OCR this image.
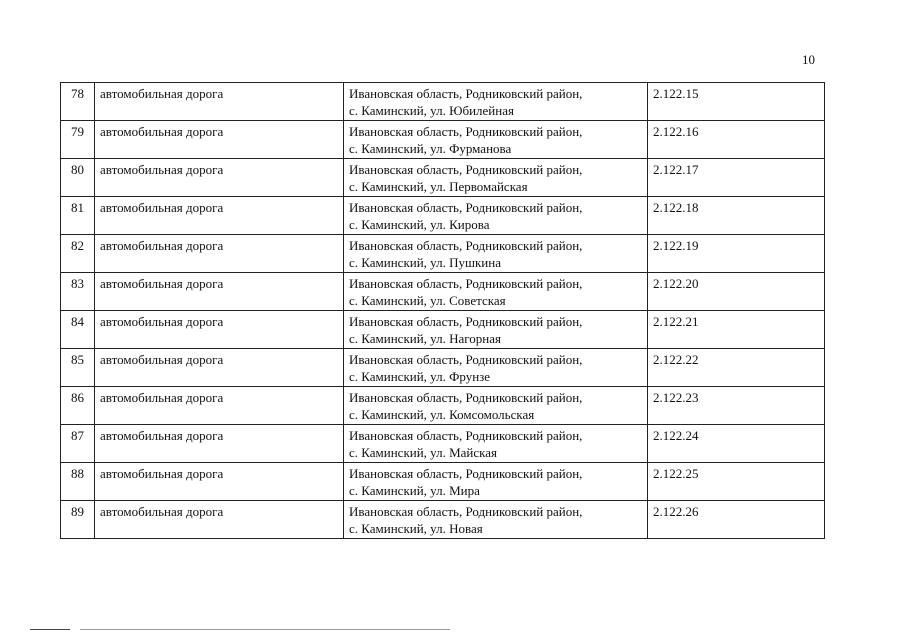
10
78	автомобильная дорога	Ивановская область, Родниковский район,
с. Каминский, ул. Юбилейная	2.122.15
79	автомобильная дорога	Ивановская область, Родниковский район,
с. Каминский, ул. Фурманова	2.122.16
80	автомобильная дорога	Ивановская область, Родниковский район,
с. Каминский, ул. Первомайская	2.122.17
81	автомобильная дорога	Ивановская область, Родниковский район,
с. Каминский, ул. Кирова	2.122.18
82	автомобильная дорога	Ивановская область, Родниковский район,
с. Каминский, ул. Пушкина	2.122.19
83	автомобильная дорога	Ивановская область, Родниковский район,
с. Каминский, ул. Советская	2.122.20
84	автомобильная дорога	Ивановская область, Родниковский район,
с. Каминский, ул. Нагорная	2.122.21
85	автомобильная дорога	Ивановская область, Родниковский район,
с. Каминский, ул. Фрунзе	2.122.22
86	автомобильная дорога	Ивановская область, Родниковский район,
с. Каминский, ул. Комсомольская	2.122.23
87	автомобильная дорога	Ивановская область, Родниковский район,
с. Каминский, ул. Майская	2.122.24
88	автомобильная дорога	Ивановская область, Родниковский район,
с. Каминский, ул. Мира	2.122.25
89	автомобильная дорога	Ивановская область, Родниковский район,
с. Каминский, ул. Новая	2.122.26
